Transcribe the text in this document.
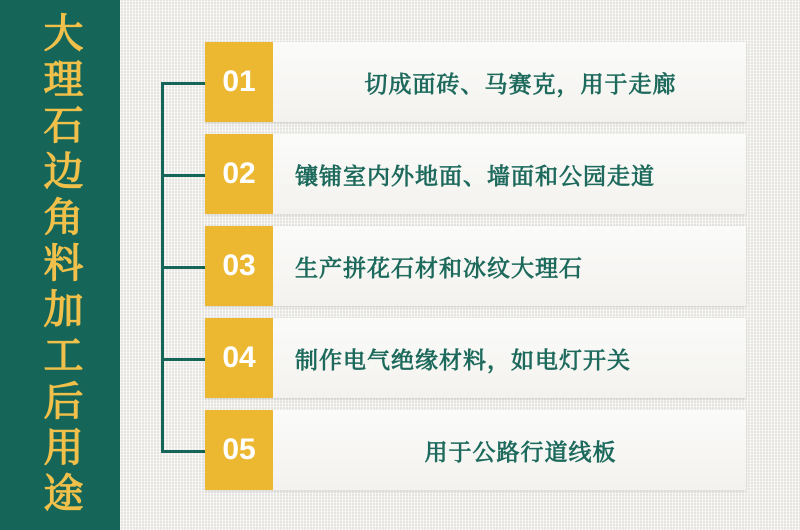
大理石边角料加工后用途	切成面砖、马赛克，用于走廊
01
镶铺室内外地面、墙面和公园走道
02
生产拼花石材和冰纹大理石
03
制作电气绝缘材料，如电灯开关
04
用于公路行道线板
05
